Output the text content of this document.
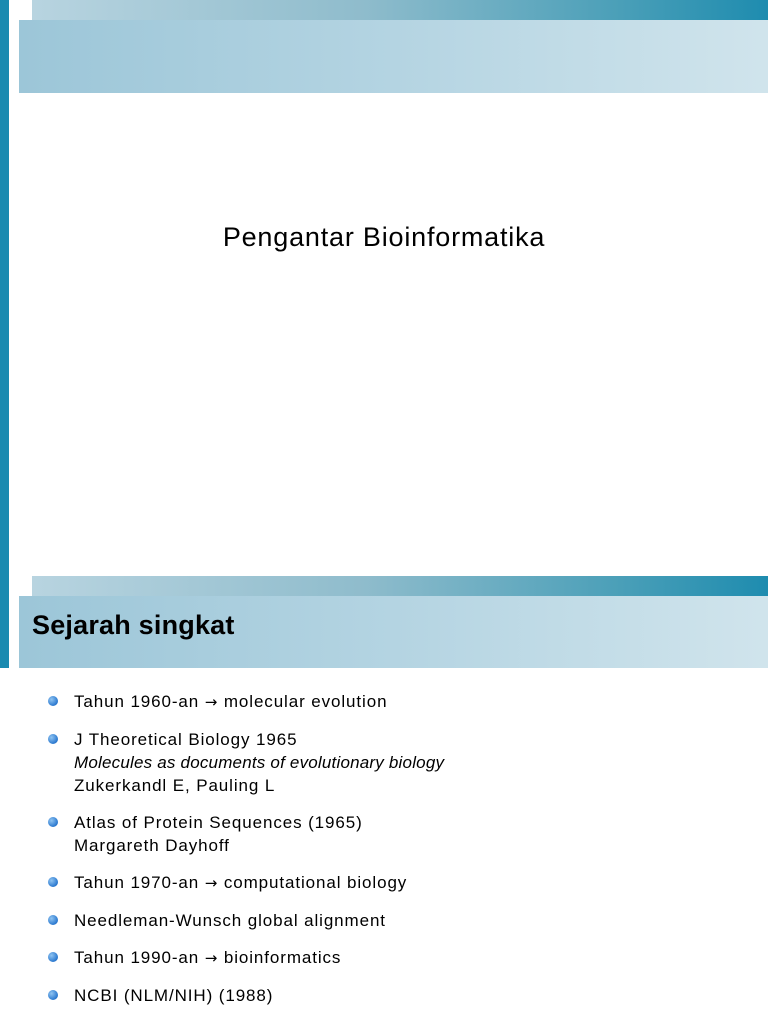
Pengantar Bioinformatika
Sejarah singkat
Tahun 1960-an → molecular evolution
J Theoretical Biology 1965
Molecules as documents of evolutionary biology
Zukerkandl E, Pauling L
Atlas of Protein Sequences (1965)
Margareth Dayhoff
Tahun 1970-an → computational biology
Needleman-Wunsch global alignment
Tahun 1990-an → bioinformatics
NCBI (NLM/NIH) (1988)
